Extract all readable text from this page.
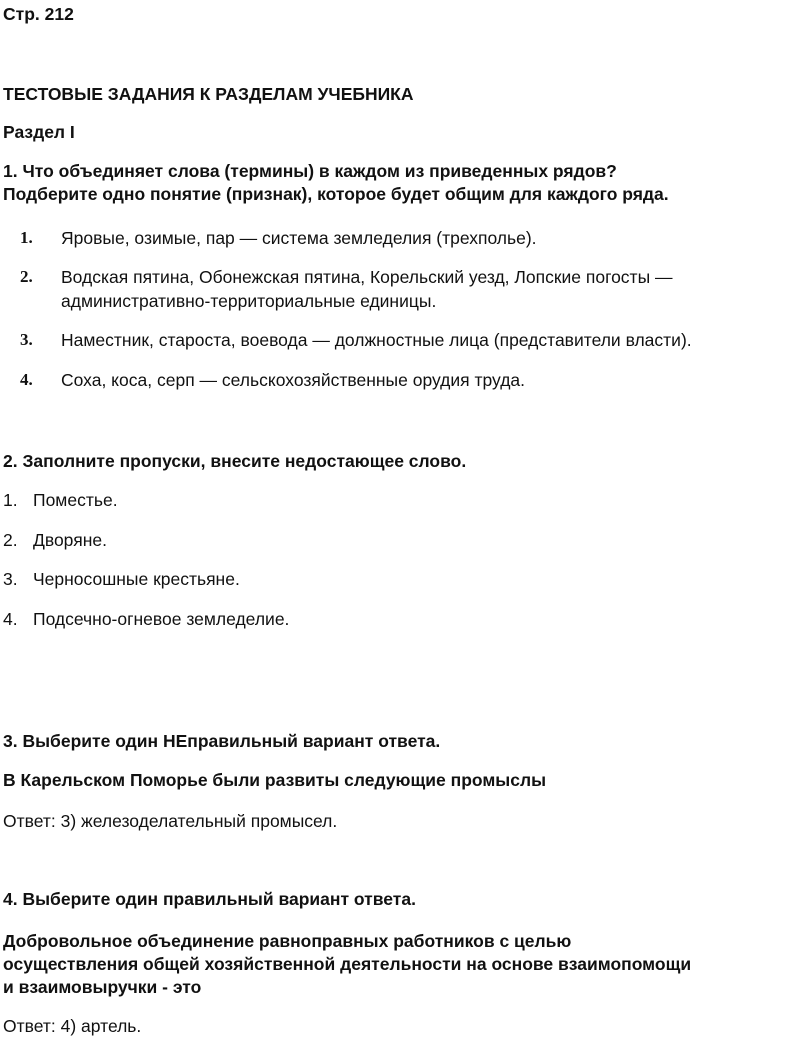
Стр. 212

ТЕСТОВЫЕ ЗАДАНИЯ К РАЗДЕЛАМ УЧЕБНИКА

Раздел I

1. Что объединяет слова (термины) в каждом из приведенных рядов?
Подберите одно понятие (признак), которое будет общим для каждого ряда.
1.	Яровые, озимые, пар — система земледелия (трехполье).
2.	Водская пятина, Обонежская пятина, Корельский уезд, Лопские погосты —
административно-территориальные единицы.
3.	Наместник, староста, воевода — должностные лица (представители власти).
4.	Соха, коса, серп — сельскохозяйственные орудия труда.

2. Заполните пропуски, внесите недостающее слово.

1. Поместье.
2. Дворяне.
3. Черносошные крестьяне.
4. Подсечно-огневое земледелие.

3. Выберите один НЕправильный вариант ответа.

В Карельском Поморье были развиты следующие промыслы

Ответ: 3) железоделательный промысел.

4. Выберите один правильный вариант ответа.

Добровольное объединение равноправных работников с целью
осуществления общей хозяйственной деятельности на основе взаимопомощи
и взаимовыручки - это

Ответ: 4) артель.
